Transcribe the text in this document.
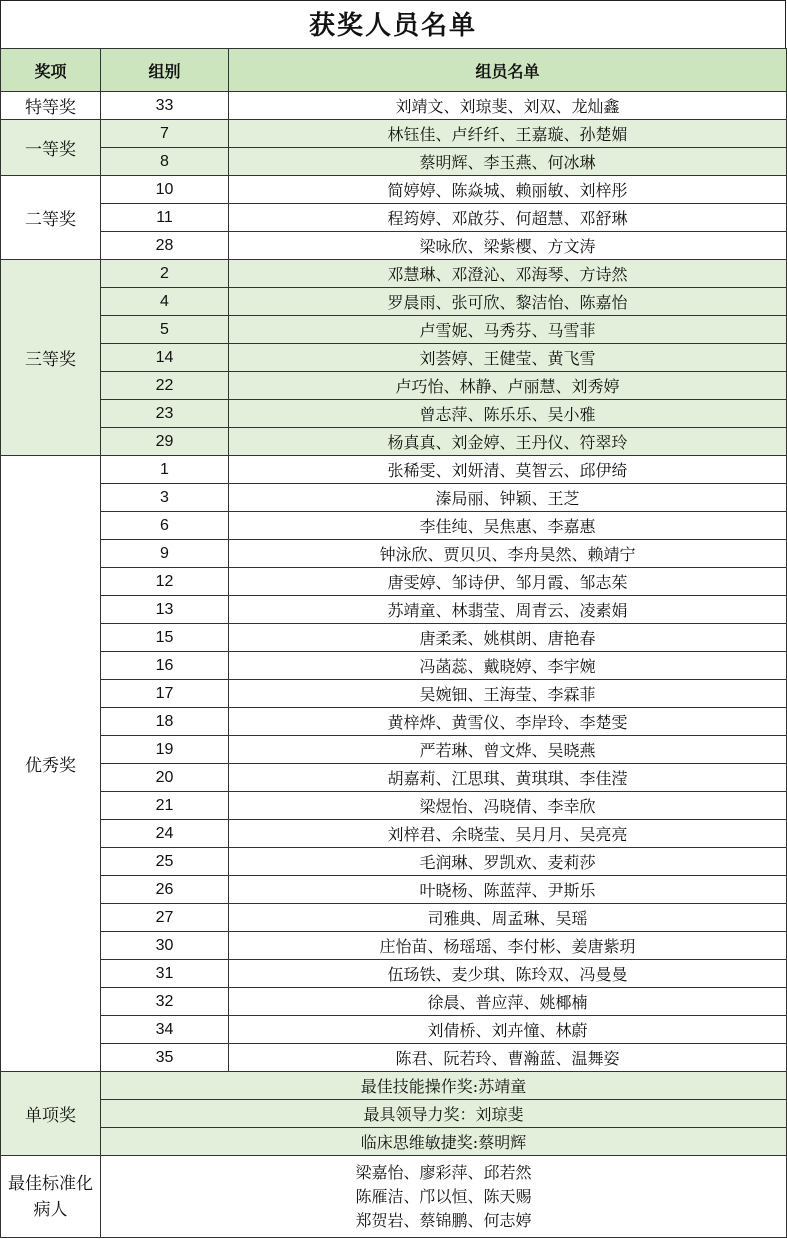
获奖人员名单
奖项	组别	组员名单
特等奖	33	刘靖文、刘琼斐、刘双、龙灿鑫
一等奖	7	林钰佳、卢纤纤、王嘉璇、孙楚媚
	8	蔡明辉、李玉燕、何冰琳
二等奖	10	简婷婷、陈焱城、赖丽敏、刘梓彤
	11	程筠婷、邓啟芬、何超慧、邓舒琳
	28	梁咏欣、梁紫樱、方文涛
三等奖	2	邓慧琳、邓澄沁、邓海琴、方诗然
	4	罗晨雨、张可欣、黎洁怡、陈嘉怡
	5	卢雪妮、马秀芬、马雪菲
	14	刘荟婷、王健莹、黄飞雪
	22	卢巧怡、林静、卢丽慧、刘秀婷
	23	曾志萍、陈乐乐、吴小雅
	29	杨真真、刘金婷、王丹仪、符翠玲
优秀奖	1	张稀雯、刘妍清、莫智云、邱伊绮
	3	溱局丽、钟颖、王芝
	6	李佳纯、吴焦惠、李嘉惠
	9	钟泳欣、贾贝贝、李舟昊然、赖靖宁
	12	唐雯婷、邹诗伊、邹月霞、邹志茱
	13	苏靖童、林翡莹、周青云、凌素娟
	15	唐柔柔、姚棋朗、唐艳春
	16	冯菡蕊、戴晓婷、李宇婉
	17	吴婉钿、王海莹、李霖菲
	18	黄梓烨、黄雪仪、李岸玲、李楚雯
	19	严若琳、曾文烨、吴晓燕
	20	胡嘉莉、江思琪、黄琪琪、李佳滢
	21	梁煜怡、冯晓倩、李幸欣
	24	刘梓君、余晓莹、吴月月、吴亮亮
	25	毛润琳、罗凯欢、麦莉莎
	26	叶晓杨、陈蓝萍、尹斯乐
	27	司雅典、周孟琳、吴瑶
	30	庄怡苗、杨瑶瑶、李付彬、姜唐紫玥
	31	伍玚铁、麦少琪、陈玲双、冯曼曼
	32	徐晨、普应萍、姚椰楠
	34	刘倩桥、刘卉憧、林蔚
	35	陈君、阮若玲、曹瀚蓝、温舞姿
单项奖	最佳技能操作奖:苏靖童	
	最具领导力奖：刘琼斐	
	临床思维敏捷奖:蔡明辉	
最佳标准化病人	梁嘉怡、廖彩萍、邱若然
陈雁洁、邝以恒、陈天赐
郑贺岩、蔡锦鹏、何志婷	
